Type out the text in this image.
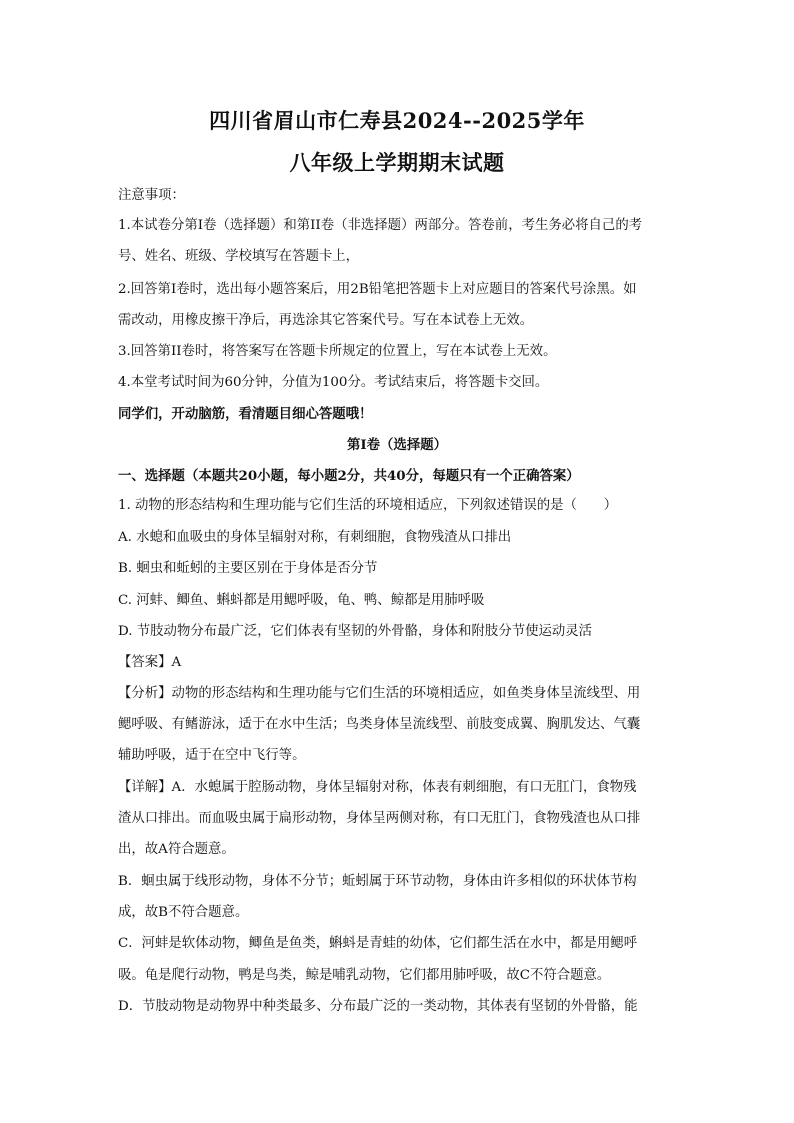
四川省眉山市仁寿县2024--2025学年
八年级上学期期末试题
注意事项：
1.本试卷分第I卷（选择题）和第II卷（非选择题）两部分。答卷前，考生务必将自己的考
号、姓名、班级、学校填写在答题卡上，
2.回答第I卷时，选出每小题答案后，用2B铅笔把答题卡上对应题目的答案代号涂黑。如
需改动，用橡皮擦干净后，再选涂其它答案代号。写在本试卷上无效。
3.回答第II卷时，将答案写在答题卡所规定的位置上，写在本试卷上无效。
4.本堂考试时间为60分钟，分值为100分。考试结束后，将答题卡交回。
同学们，开动脑筋，看清题目细心答题哦！
第I卷（选择题）
一、选择题（本题共20小题，每小题2分，共40分，每题只有一个正确答案）
1. 动物的形态结构和生理功能与它们生活的环境相适应，下列叙述错误的是（　　）
A. 水螅和血吸虫的身体呈辐射对称，有刺细胞，食物残渣从口排出
B. 蛔虫和蚯蚓的主要区别在于身体是否分节
C. 河蚌、鲫鱼、蝌蚪都是用鳃呼吸，龟、鸭、鲸都是用肺呼吸
D. 节肢动物分布最广泛，它们体表有坚韧的外骨骼，身体和附肢分节使运动灵活
【答案】A
【分析】动物的形态结构和生理功能与它们生活的环境相适应，如鱼类身体呈流线型、用
鳃呼吸、有鳍游泳，适于在水中生活；鸟类身体呈流线型、前肢变成翼、胸肌发达、气囊
辅助呼吸，适于在空中飞行等。
【详解】A．水螅属于腔肠动物，身体呈辐射对称，体表有刺细胞，有口无肛门，食物残
渣从口排出。而血吸虫属于扁形动物，身体呈两侧对称，有口无肛门，食物残渣也从口排
出，故A符合题意。
B．蛔虫属于线形动物，身体不分节；蚯蚓属于环节动物，身体由许多相似的环状体节构
成，故B不符合题意。
C．河蚌是软体动物，鲫鱼是鱼类，蝌蚪是青蛙的幼体，它们都生活在水中，都是用鳃呼
吸。龟是爬行动物，鸭是鸟类，鲸是哺乳动物，它们都用肺呼吸，故C不符合题意。
D．节肢动物是动物界中种类最多、分布最广泛的一类动物，其体表有坚韧的外骨骼，能
